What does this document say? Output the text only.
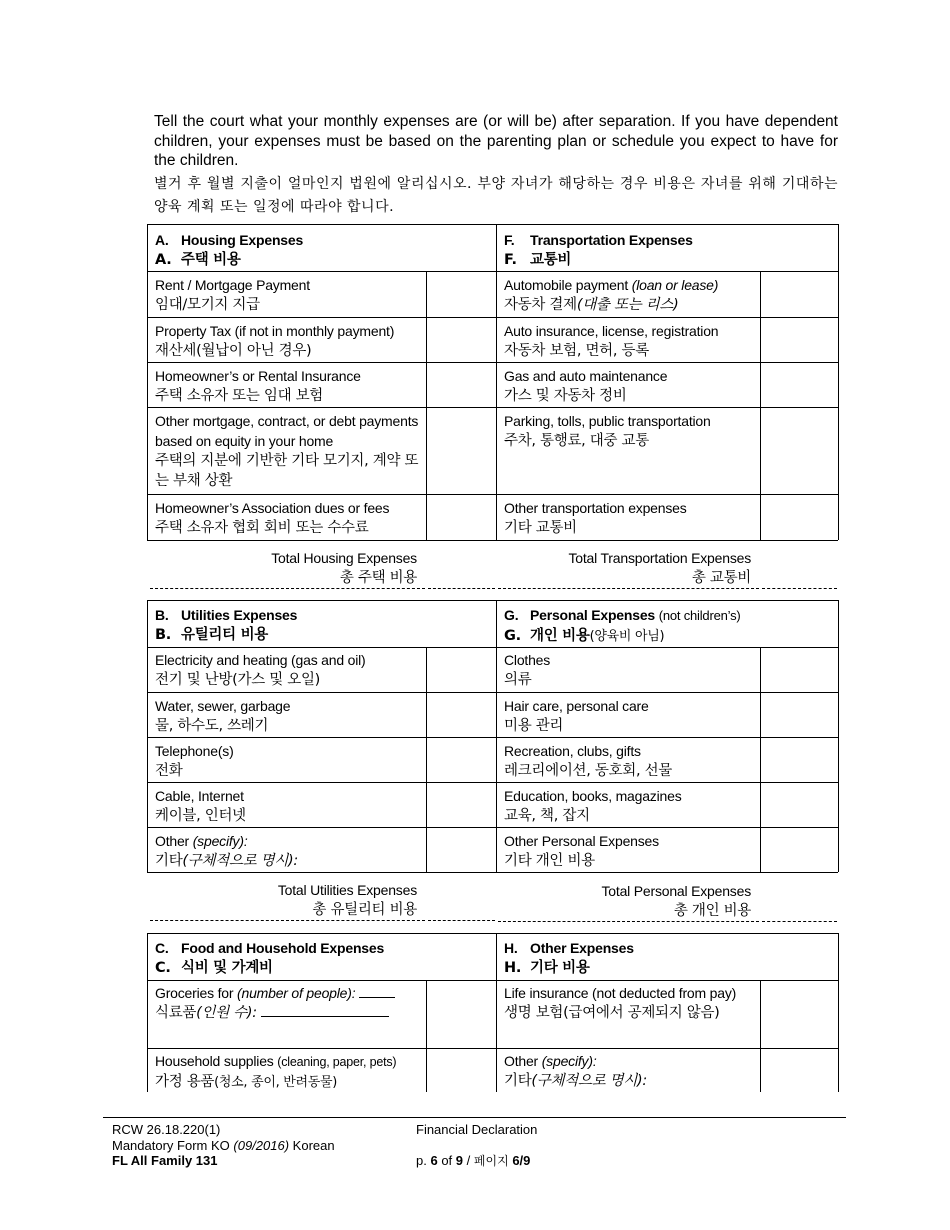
Tell the court what your monthly expenses are (or will be) after separation. If you have dependent children, your expenses must be based on the parenting plan or schedule you expect to have for the children.

별거 후 월별 지출이 얼마인지 법원에 알리십시오. 부양 자녀가 해당하는 경우 비용은 자녀를 위해 기대하는 양육 계획 또는 일정에 따라야 합니다.

A. Housing Expenses
A. 주택 비용
F. Transportation Expenses
F. 교통비
Rent / Mortgage Payment
임대/모기지 지급
Property Tax (if not in monthly payment)
재산세(월납이 아닌 경우)
Homeowner’s or Rental Insurance
주택 소유자 또는 임대 보험
Other mortgage, contract, or debt payments based on equity in your home
주택의 지분에 기반한 기타 모기지, 계약 또는 부채 상환
Homeowner’s Association dues or fees
주택 소유자 협회 회비 또는 수수료
Automobile payment (loan or lease)
자동차 결제(대출 또는 리스)
Auto insurance, license, registration
자동차 보험, 면허, 등록
Gas and auto maintenance
가스 및 자동차 정비
Parking, tolls, public transportation
주차, 통행료, 대중 교통
Other transportation expenses
기타 교통비
Total Housing Expenses
총 주택 비용
Total Transportation Expenses
총 교통비
B. Utilities Expenses
B. 유틸리티 비용
G. Personal Expenses (not children’s)
G. 개인 비용(양육비 아님)
Electricity and heating (gas and oil)
전기 및 난방(가스 및 오일)
Water, sewer, garbage
물, 하수도, 쓰레기
Telephone(s)
전화
Cable, Internet
케이블, 인터넷
Other (specify):
기타(구체적으로 명시):
Clothes
의류
Hair care, personal care
미용 관리
Recreation, clubs, gifts
레크리에이션, 동호회, 선물
Education, books, magazines
교육, 책, 잡지
Other Personal Expenses
기타 개인 비용
Total Utilities Expenses
총 유틸리티 비용
Total Personal Expenses
총 개인 비용
C. Food and Household Expenses
C. 식비 및 가계비
H. Other Expenses
H. 기타 비용
Groceries for (number of people):
식료품(인원 수):
Household supplies (cleaning, paper, pets)
가정 용품(청소, 종이, 반려동물)
Life insurance (not deducted from pay)
생명 보험(급여에서 공제되지 않음)
Other (specify):
기타(구체적으로 명시):
RCW 26.18.220(1)
Mandatory Form KO (09/2016) Korean
FL All Family 131
Financial Declaration
p. 6 of 9 / 페이지 6/9
